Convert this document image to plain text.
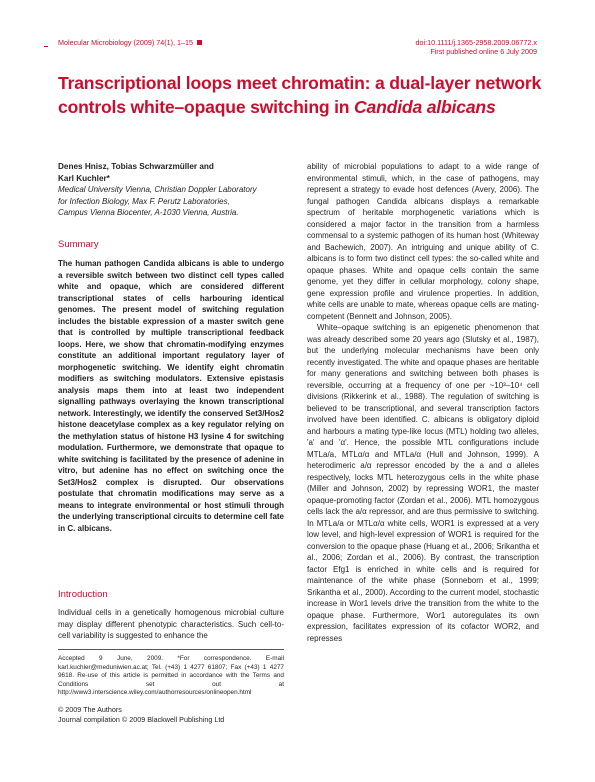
Molecular Microbiology (2009) 74(1), 1–15	doi:10.1111/j.1365-2958.2009.06772.x
First published online 6 July 2009
Transcriptional loops meet chromatin: a dual-layer network
controls white–opaque switching in Candida albicans
Denes Hnisz, Tobias Schwarzmüller and
Karl Kuchler*
Medical University Vienna, Christian Doppler Laboratory
for Infection Biology, Max F. Perutz Laboratories,
Campus Vienna Biocenter, A-1030 Vienna, Austria.
Summary
The human pathogen Candida albicans is able to undergo a reversible switch between two distinct cell types called white and opaque, which are considered different transcriptional states of cells harbouring identical genomes. The present model of switching regulation includes the bistable expression of a master switch gene that is controlled by multiple transcriptional feedback loops. Here, we show that chromatin-modifying enzymes constitute an additional important regulatory layer of morphogenetic switching. We identify eight chromatin modifiers as switching modulators. Extensive epistasis analysis maps them into at least two independent signalling pathways overlaying the known transcriptional network. Interestingly, we identify the conserved Set3/Hos2 histone deacetylase complex as a key regulator relying on the methylation status of histone H3 lysine 4 for switching modulation. Furthermore, we demonstrate that opaque to white switching is facilitated by the presence of adenine in vitro, but adenine has no effect on switching once the Set3/Hos2 complex is disrupted. Our observations postulate that chromatin modifications may serve as a means to integrate environmental or host stimuli through the underlying transcriptional circuits to determine cell fate in C. albicans.
Introduction
Individual cells in a genetically homogenous microbial culture may display different phenotypic characteristics. Such cell-to-cell variability is suggested to enhance the
Accepted 9 June, 2009. *For correspondence. E-mail karl.kuchler@meduniwien.ac.at; Tel. (+43) 1 4277 61807; Fax (+43) 1 4277 9618. Re-use of this article is permitted in accordance with the Terms and Conditions set out at http://www3.interscience.wiley.com/authorresources/onlineopen.html
© 2009 The Authors
Journal compilation © 2009 Blackwell Publishing Ltd

ability of microbial populations to adapt to a wide range of environmental stimuli, which, in the case of pathogens, may represent a strategy to evade host defences (Avery, 2006). The fungal pathogen Candida albicans displays a remarkable spectrum of heritable morphogenetic variations which is considered a major factor in the transition from a harmless commensal to a systemic pathogen of its human host (Whiteway and Bachewich, 2007). An intriguing and unique ability of C. albicans is to form two distinct cell types: the so-called white and opaque phases. White and opaque cells contain the same genome, yet they differ in cellular morphology, colony shape, gene expression profile and virulence properties. In addition, white cells are unable to mate, whereas opaque cells are mating-competent (Bennett and Johnson, 2005).

White–opaque switching is an epigenetic phenomenon that was already described some 20 years ago (Slutsky et al., 1987), but the underlying molecular mechanisms have been only recently investigated. The white and opaque phases are heritable for many generations and switching between both phases is reversible, occurring at a frequency of one per ~10³–10⁴ cell divisions (Rikkerink et al., 1988). The regulation of switching is believed to be transcriptional, and several transcription factors involved have been identified. C. albicans is obligatory diploid and harbours a mating type-like locus (MTL) holding two alleles, 'a' and 'α'. Hence, the possible MTL configurations include MTLa/a, MTLα/α and MTLa/α (Hull and Johnson, 1999). A heterodimeric a/α repressor encoded by the a and α alleles respectively, locks MTL heterozygous cells in the white phase (Miller and Johnson, 2002) by repressing WOR1, the master opaque-promoting factor (Zordan et al., 2006). MTL homozygous cells lack the a/α repressor, and are thus permissive to switching. In MTLa/a or MTLα/α white cells, WOR1 is expressed at a very low level, and high-level expression of WOR1 is required for the conversion to the opaque phase (Huang et al., 2006; Srikantha et al., 2006; Zordan et al., 2006). By contrast, the transcription factor Efg1 is enriched in white cells and is required for maintenance of the white phase (Sonneborn et al., 1999; Srikantha et al., 2000). According to the current model, stochastic increase in Wor1 levels drive the transition from the white to the opaque phase. Furthermore, Wor1 autoregulates its own expression, facilitates expression of its cofactor WOR2, and represses
